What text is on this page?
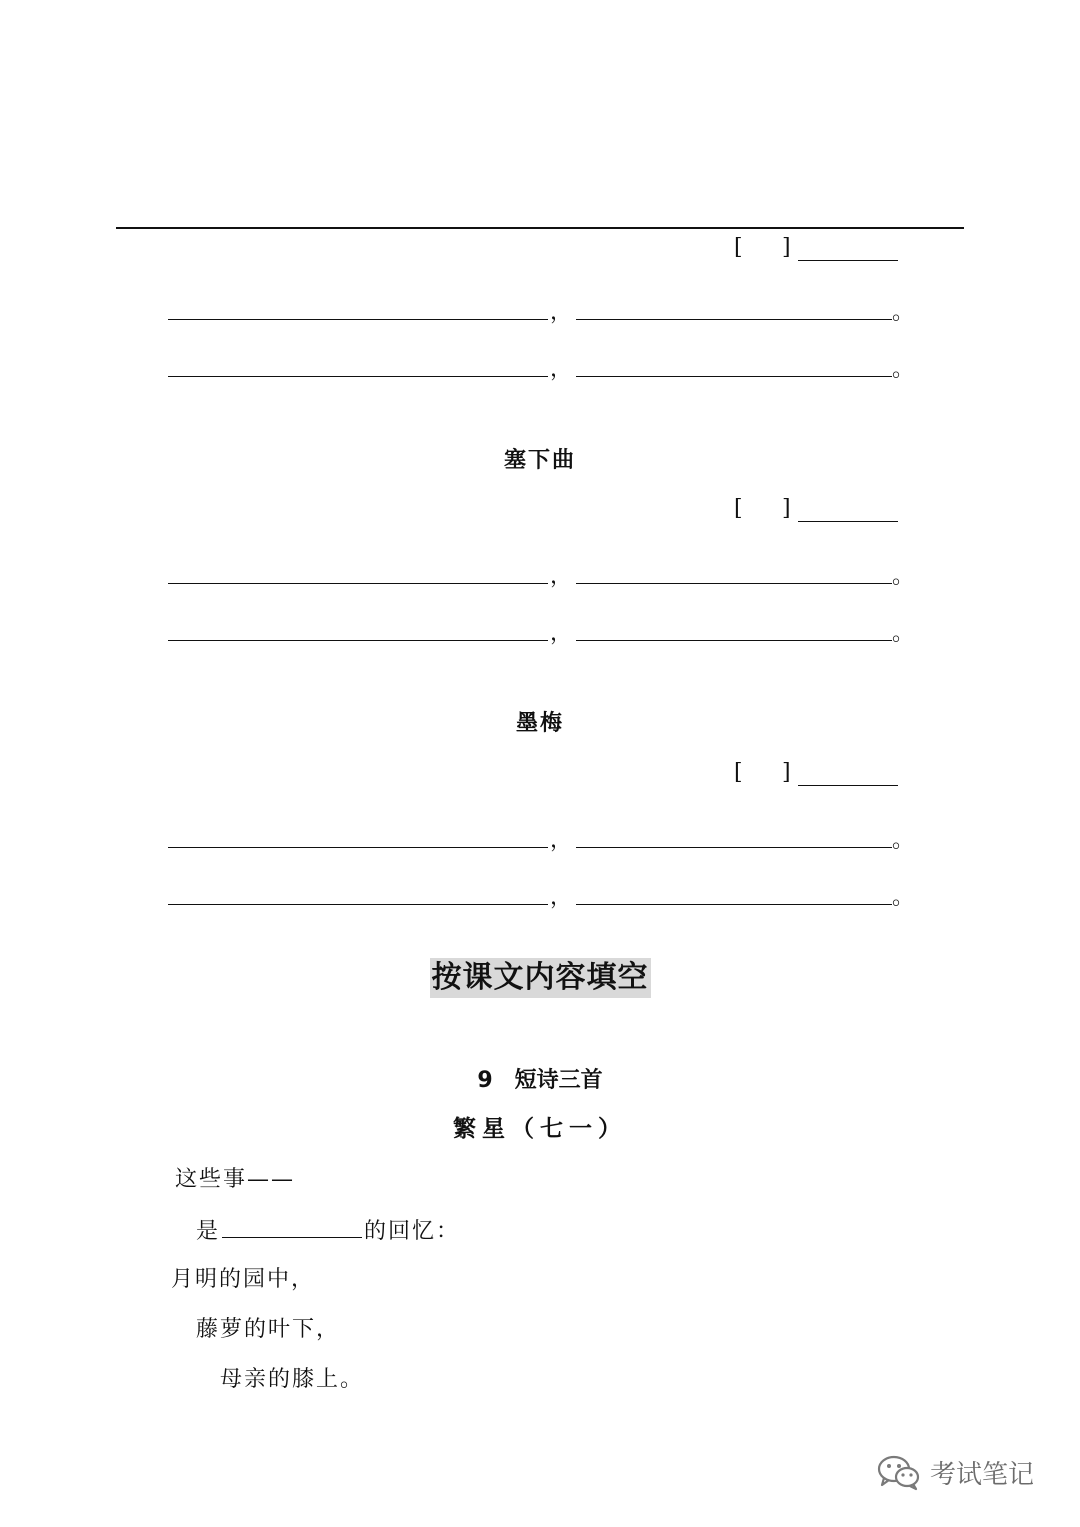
[ ]
，	。
，	。
塞下曲
[ ]
，	。
，	。
墨梅
[ ]
，	。
，	。
按课文内容填空
9 短诗三首
繁星（七一）
这些事——
是	的回忆：
月明的园中，
藤萝的叶下，
母亲的膝上。
考试笔记
